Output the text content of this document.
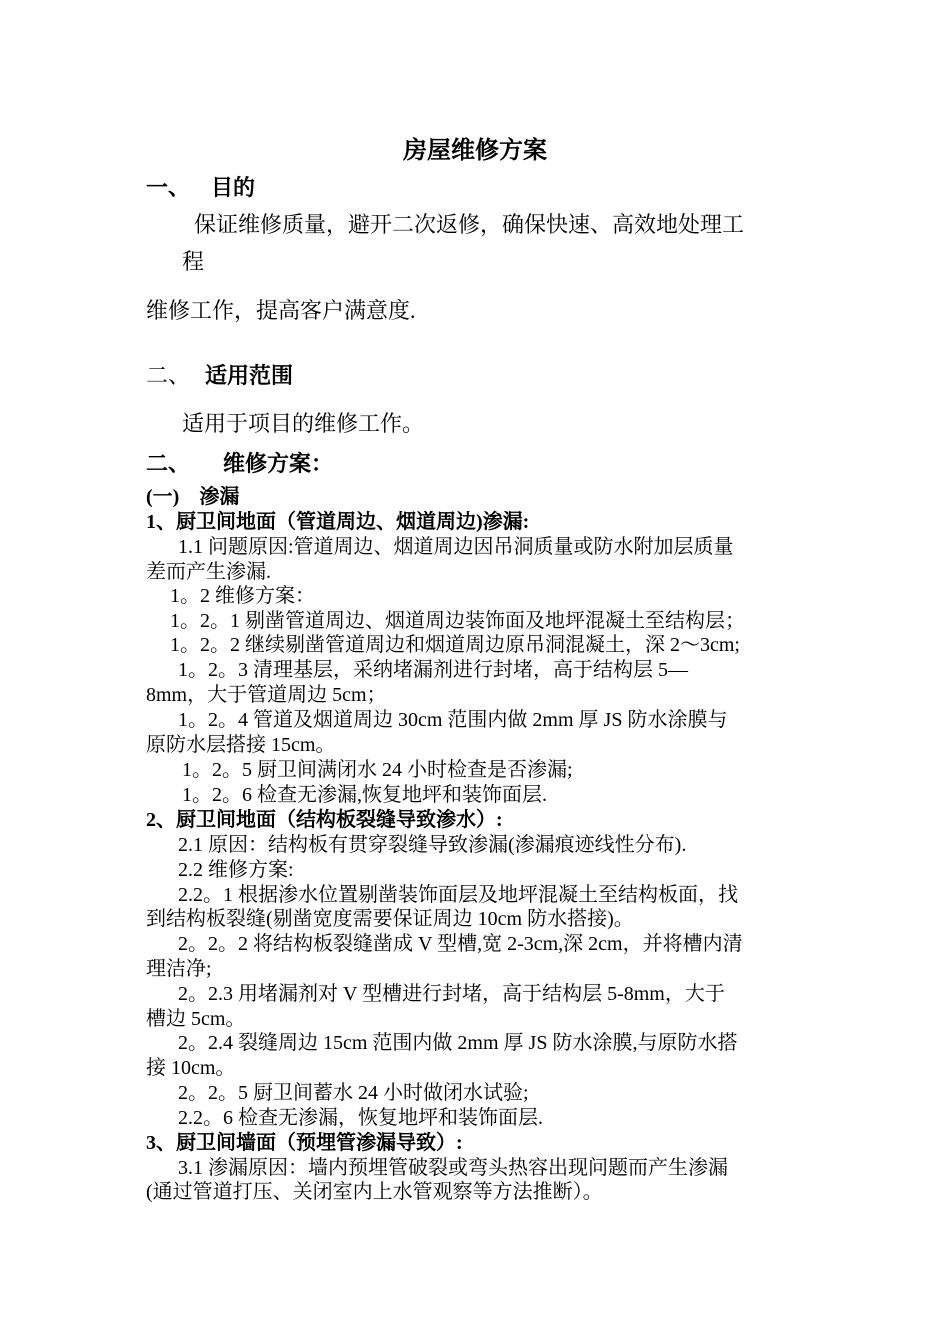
房屋维修方案
一、 目的
保证维修质量，避开二次返修，确保快速、高效地处理工
程
维修工作，提高客户满意度.
二、 适用范围
适用于项目的维修工作。
二、 维修方案：
(一)　渗漏
1、厨卫间地面（管道周边、烟道周边)渗漏:
1.1 问题原因:管道周边、烟道周边因吊洞质量或防水附加层质量
差而产生渗漏.
1。2 维修方案：
1。2。1 剔凿管道周边、烟道周边装饰面及地坪混凝土至结构层；
1。2。2 继续剔凿管道周边和烟道周边原吊洞混凝土，深 2～3cm;
1。2。3 清理基层，采纳堵漏剂进行封堵，高于结构层 5—
8mm，大于管道周边 5cm；
1。2。4 管道及烟道周边 30cm 范围内做 2mm 厚 JS 防水涂膜与
原防水层搭接 15cm。
1。2。5 厨卫间满闭水 24 小时检查是否渗漏;
1。2。6 检查无渗漏,恢复地坪和装饰面层.
2、厨卫间地面（结构板裂缝导致渗水）:
2.1 原因：结构板有贯穿裂缝导致渗漏(渗漏痕迹线性分布).
2.2 维修方案:
2.2。1 根据渗水位置剔凿装饰面层及地坪混凝土至结构板面，找
到结构板裂缝(剔凿宽度需要保证周边 10cm 防水搭接)。
2。2。2 将结构板裂缝凿成 V 型槽,宽 2-3cm,深 2cm，并将槽内清
理洁净;
2。2.3 用堵漏剂对 V 型槽进行封堵，高于结构层 5-8mm，大于
槽边 5cm。
2。2.4 裂缝周边 15cm 范围内做 2mm 厚 JS 防水涂膜,与原防水搭
接 10cm。
2。2。5 厨卫间蓄水 24 小时做闭水试验;
2.2。6 检查无渗漏，恢复地坪和装饰面层.
3、厨卫间墙面（预埋管渗漏导致）:
3.1 渗漏原因：墙内预埋管破裂或弯头热容出现问题而产生渗漏
(通过管道打压、关闭室内上水管观察等方法推断）。
